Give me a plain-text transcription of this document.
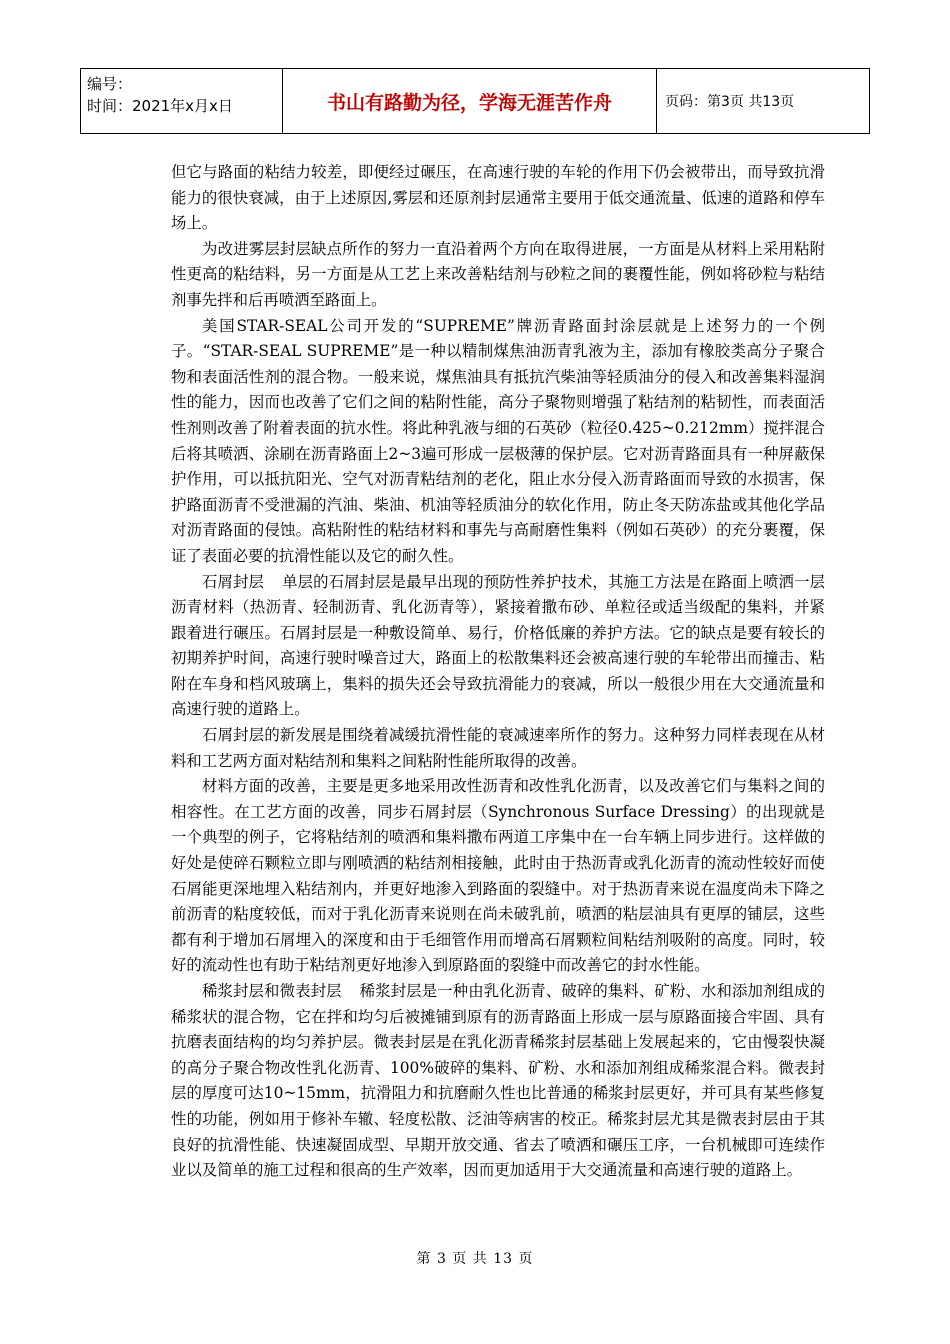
编号：
时间：2021年x月x日	书山有路勤为径，学海无涯苦作舟	页码：第3页 共13页

但它与路面的粘结力较差，即便经过碾压，在高速行驶的车轮的作用下仍会被带出，而导致抗滑能力的很快衰减，由于上述原因,雾层和还原剂封层通常主要用于低交通流量、低速的道路和停车场上。

为改进雾层封层缺点所作的努力一直沿着两个方向在取得进展，一方面是从材料上采用粘附性更高的粘结料，另一方面是从工艺上来改善粘结剂与砂粒之间的裹覆性能，例如将砂粒与粘结剂事先拌和后再喷洒至路面上。

美国STAR-SEAL公司开发的“SUPREME”牌沥青路面封涂层就是上述努力的一个例子。“STAR-SEAL SUPREME”是一种以精制煤焦油沥青乳液为主，添加有橡胶类高分子聚合物和表面活性剂的混合物。一般来说，煤焦油具有抵抗汽柴油等轻质油分的侵入和改善集料湿润性的能力，因而也改善了它们之间的粘附性能，高分子聚物则增强了粘结剂的粘韧性，而表面活性剂则改善了附着表面的抗水性。将此种乳液与细的石英砂（粒径0.425~0.212mm）搅拌混合后将其喷洒、涂刷在沥青路面上2~3遍可形成一层极薄的保护层。它对沥青路面具有一种屏蔽保护作用，可以抵抗阳光、空气对沥青粘结剂的老化，阻止水分侵入沥青路面而导致的水损害，保护路面沥青不受泄漏的汽油、柴油、机油等轻质油分的软化作用，防止冬天防冻盐或其他化学品对沥青路面的侵蚀。高粘附性的粘结材料和事先与高耐磨性集料（例如石英砂）的充分裹覆，保证了表面必要的抗滑性能以及它的耐久性。

石屑封层 单层的石屑封层是最早出现的预防性养护技术，其施工方法是在路面上喷洒一层沥青材料（热沥青、轻制沥青、乳化沥青等），紧接着撒布砂、单粒径或适当级配的集料，并紧跟着进行碾压。石屑封层是一种敷设简单、易行，价格低廉的养护方法。它的缺点是要有较长的初期养护时间，高速行驶时噪音过大，路面上的松散集料还会被高速行驶的车轮带出而撞击、粘附在车身和档风玻璃上，集料的损失还会导致抗滑能力的衰减，所以一般很少用在大交通流量和高速行驶的道路上。

石屑封层的新发展是围绕着减缓抗滑性能的衰减速率所作的努力。这种努力同样表现在从材料和工艺两方面对粘结剂和集料之间粘附性能所取得的改善。

材料方面的改善，主要是更多地采用改性沥青和改性乳化沥青，以及改善它们与集料之间的相容性。在工艺方面的改善，同步石屑封层（Synchronous Surface Dressing）的出现就是一个典型的例子，它将粘结剂的喷洒和集料撒布两道工序集中在一台车辆上同步进行。这样做的好处是使碎石颗粒立即与刚喷洒的粘结剂相接触，此时由于热沥青或乳化沥青的流动性较好而使石屑能更深地埋入粘结剂内，并更好地渗入到路面的裂缝中。对于热沥青来说在温度尚未下降之前沥青的粘度较低，而对于乳化沥青来说则在尚未破乳前，喷洒的粘层油具有更厚的铺层，这些都有利于增加石屑埋入的深度和由于毛细管作用而增高石屑颗粒间粘结剂吸附的高度。同时，较好的流动性也有助于粘结剂更好地渗入到原路面的裂缝中而改善它的封水性能。

稀浆封层和微表封层 稀浆封层是一种由乳化沥青、破碎的集料、矿粉、水和添加剂组成的稀浆状的混合物，它在拌和均匀后被摊铺到原有的沥青路面上形成一层与原路面接合牢固、具有抗磨表面结构的均匀养护层。微表封层是在乳化沥青稀浆封层基础上发展起来的，它由慢裂快凝的高分子聚合物改性乳化沥青、100%破碎的集料、矿粉、水和添加剂组成稀浆混合料。微表封层的厚度可达10~15mm，抗滑阻力和抗磨耐久性也比普通的稀浆封层更好，并可具有某些修复性的功能，例如用于修补车辙、轻度松散、泛油等病害的校正。稀浆封层尤其是微表封层由于其良好的抗滑性能、快速凝固成型、早期开放交通、省去了喷洒和碾压工序，一台机械即可连续作业以及简单的施工过程和很高的生产效率，因而更加适用于大交通流量和高速行驶的道路上。

第 3 页 共 13 页
